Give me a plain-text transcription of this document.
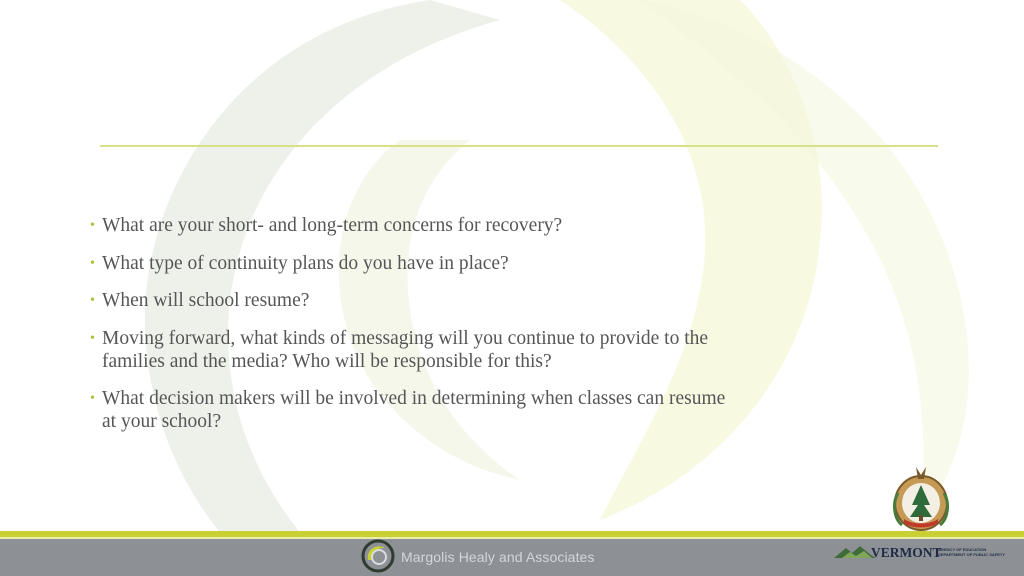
• What are your short- and long-term concerns for recovery?
• What type of continuity plans do you have in place?
• When will school resume?
• Moving forward, what kinds of messaging will you continue to provide to the families and the media? Who will be responsible for this?
• What decision makers will be involved in determining when classes can resume at your school?
Margolis Healy and Associates	VERMONT
AGENCY OF EDUCATION
DEPARTMENT OF PUBLIC SAFETY
